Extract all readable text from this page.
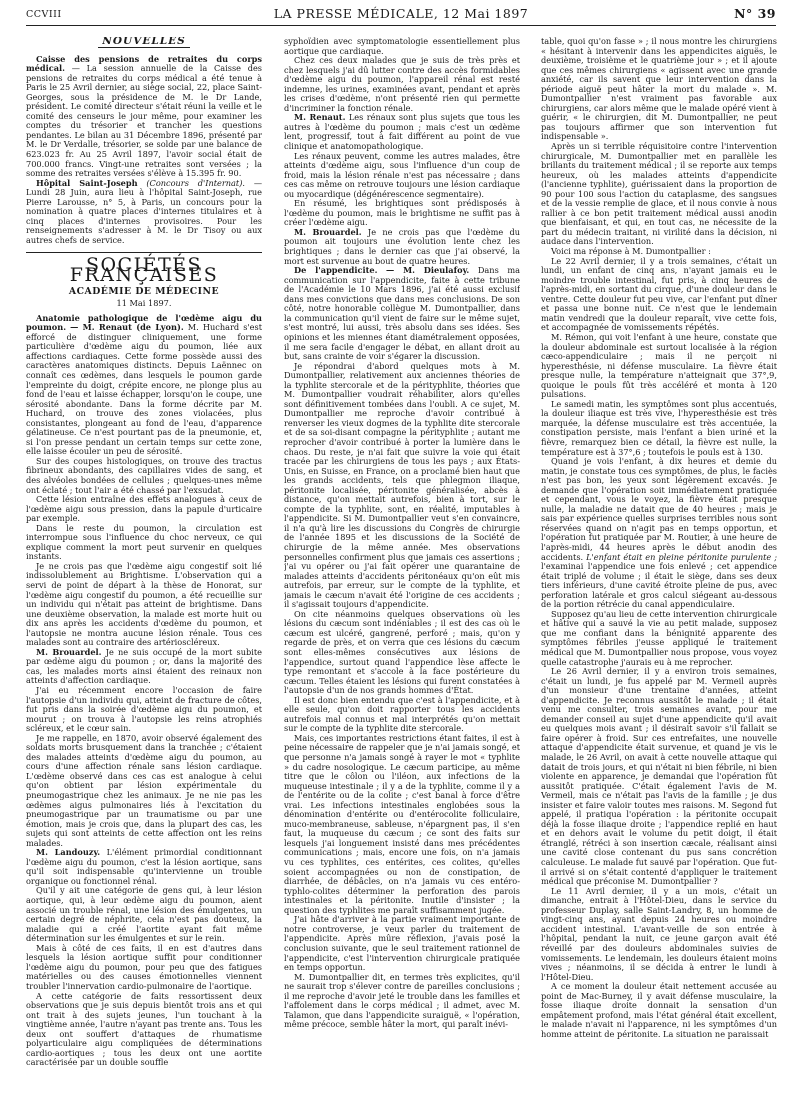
CCVIII	LA PRESSE MÉDICALE, 12 Mai 1897	N° 39
NOUVELLES

Caisse des pensions de retraites du corps médical. — La session annuelle de la Caisse des pensions de retraites du corps médical a été tenue à Paris le 25 Avril dernier, au siège social, 22, place Saint-Georges, sous la présidence de M. le Dr Lande, président. Le comité directeur s'était réuni la veille et le comité des censeurs le jour même, pour examiner les comptes du trésorier et trancher les questions pendantes. Le bilan au 31 Décembre 1896, présenté par M. le Dr Verdalle, trésorier, se solde par une balance de 623.023 fr. Au 25 Avril 1897, l'avoir social était de 700.000 francs. Vingt-une retraites sont versées ; la somme des retraites versées s'élève à 15.395 fr. 90.

Hôpital Saint-Joseph (Concours d'Internat). — Lundi 28 Juin, aura lieu à l'hôpital Saint-Joseph, rue Pierre Larousse, n° 5, à Paris, un concours pour la nomination à quatre places d'internes titulaires et à cinq places d'internes provisoires. Pour les renseignements s'adresser à M. le Dr Tisoy ou aux autres chefs de service.

SOCIÉTÉS FRANÇAISES
ACADÉMIE DE MÉDECINE
11 Mai 1897.

Anatomie pathologique de l'œdème aigu du poumon. — M. Renaut (de Lyon). M. Huchard s'est efforcé de distinguer cliniquement, une forme particulière d'œdème aigu du poumon, liée aux affections cardiaques. Cette forme possède aussi des caractères anatomiques distincts. Depuis Laënnec on connaît ces œdèmes, dans lesquels le poumon garde l'empreinte du doigt, crépite encore, ne plonge plus au fond de l'eau et laisse échapper, lorsqu'on le coupe, une sérosité abondante. Dans la forme décrite par M. Huchard, on trouve des zones violacées, plus consistantes, plongeant au fond de l'eau, d'apparence gélatineuse. Ce n'est pourtant pas de la pneumonie, et, si l'on presse pendant un certain temps sur cette zone, elle laisse écouler un peu de sérosité.

Sur des coupes histologiques, on trouve des tractus fibrineux abondants, des capillaires vides de sang, et des alvéoles bondées de cellules ; quelques-unes même ont éclaté ; tout l'air a été chassé par l'exsudat.

Cette lésion entraîne des effets analogues à ceux de l'œdème aigu sous pression, dans la papule d'urticaire par exemple.

Dans le reste du poumon, la circulation est interrompue sous l'influence du choc nerveux, ce qui explique comment la mort peut survenir en quelques instants.

Je ne crois pas que l'œdème aigu congestif soit lié indissolublement au Brightisme. L'observation qui a servi de point de départ à la thèse de Honorat, sur l'œdème aigu congestif du poumon, a été recueillie sur un individu qui n'était pas atteint de brightisme. Dans une deuxième observation, la malade est morte huit ou dix ans après les accidents d'œdème du poumon, et l'autopsie ne montra aucune lésion rénale. Tous ces malades sont au contraire des artérioscléreux.

M. Brouardel. Je ne suis occupé de la mort subite par œdème aigu du poumon ; or, dans la majorité des cas, les malades morts ainsi étaient des reinaux non atteints d'affection cardiaque.

J'ai eu récemment encore l'occasion de faire l'autopsie d'un individu qui, atteint de fracture de côtes, fut pris dans la soirée d'œdème aigu du poumon, et mourut ; on trouva à l'autopsie les reins atrophiés scléreux, et le cœur sain.

Je me rappelle, en 1870, avoir observé également des soldats morts brusquement dans la tranchée ; c'étaient des malades atteints d'œdème aigu du poumon, au cours d'une affection rénale sans lésion cardiaque. L'œdème observé dans ces cas est analogue à celui qu'on obtient par lésion expérimentale du pneumogastrique chez les animaux. Je ne nie pas les œdèmes aigus pulmonaires liés à l'excitation du pneumogastrique par un traumatisme ou par une émotion, mais je crois que, dans la plupart des cas, les sujets qui sont atteints de cette affection ont les reins malades.

M. Landouzy. L'élément primordial conditionnant l'œdème aigu du poumon, c'est la lésion aortique, sans qu'il soit indispensable qu'intervienne un trouble organique ou fonctionnel rénal.

Qu'il y ait une catégorie de gens qui, à leur lésion aortique, qui, à leur œdème aigu du poumon, aient associé un trouble rénal, une lésion des émulgentes, un certain degré de néphrite, cela n'est pas douteux, la maladie qui a créé l'aortite ayant fait même détermination sur les émulgentes et sur le rein.

Mais à côté de ces faits, il en est d'autres dans lesquels la lésion aortique suffit pour conditionner l'œdème aigu du poumon, pour peu que des fatigues matérielles ou des causes émotionnelles viennent troubler l'innervation cardio-pulmonaire de l'aortique.

A cette catégorie de faits ressortissent deux observations que je suis depuis bientôt trois ans et qui ont trait à des sujets jeunes, l'un touchant à la vingtième année, l'autre n'ayant pas trente ans. Tous les deux ont souffert d'attaques de rhumatisme polyarticulaire aigu compliquées de déterminations cardio-aortiques ; tous les deux ont une aortite caractérisée par un double souffle

syphoïdien avec symptomatologie essentiellement plus aortique que cardiaque.

Chez ces deux malades que je suis de très près et chez lesquels j'ai dû lutter contre des accès formidables d'œdème aigu du poumon, l'appareil rénal est resté indemne, les urines, examinées avant, pendant et après les crises d'œdème, n'ont présenté rien qui permette d'incriminer la fonction rénale.

M. Renaut. Les rénaux sont plus sujets que tous les autres à l'œdème du poumon ; mais c'est un œdème lent, progressif, tout à fait différent au point de vue clinique et anatomopathologique.

Les rénaux peuvent, comme les autres malades, être atteints d'œdème aigu, sous l'influence d'un coup de froid, mais la lésion rénale n'est pas nécessaire ; dans ces cas même on retrouve toujours une lésion cardiaque ou myocardique (dégénérescence segmentaire).

En résumé, les brightiques sont prédisposés à l'œdème du poumon, mais le brightisme ne suffit pas à créer l'œdème aigu.

M. Brouardel. Je ne crois pas que l'œdème du poumon ait toujours une évolution lente chez les brightiques ; dans le dernier cas que j'ai observé, la mort est survenue au bout de quatre heures.

De l'appendicite. — M. Dieulafoy. Dans ma communication sur l'appendicite, faite à cette tribune de l'Académie le 10 Mars 1896, j'ai été aussi exclusif dans mes convictions que dans mes conclusions. De son côté, notre honorable collègue M. Dumontpallier, dans la communication qu'il vient de faire sur le même sujet, s'est montré, lui aussi, très absolu dans ses idées. Ses opinions et les miennes étant diamétralement opposées, il me sera facile d'engager le débat, en allant droit au but, sans crainte de voir s'égarer la discussion.

Je répondrai d'abord quelques mots à M. Dumontpallier, relativement aux anciennes théories de la typhlite stercorale et de la pérityphlite, théories que M. Dumontpallier voudrait réhabiliter, alors qu'elles sont définitivement tombées dans l'oubli. A ce sujet, M. Dumontpallier me reproche d'avoir contribué à renverser les vieux dogmes de la typhlite dite stercorale et de sa soi-disant compagne la pérityphlite ; autant me reprocher d'avoir contribué à porter la lumière dans le chaos. Du reste, je n'ai fait que suivre la voie qui était tracée par les chirurgiens de tous les pays ; aux États-Unis, en Suisse, en France, on a proclamé bien haut que les grands accidents, tels que phlegmon iliaque, péritonite localisée, péritonite généralisée, abcès à distance, qu'on mettait autrefois, bien à tort, sur le compte de la typhlite, sont, en réalité, imputables à l'appendicite. Si M. Dumontpallier veut s'en convaincre, il n'a qu'à lire les discussions du Congrès de chirurgie de l'année 1895 et les discussions de la Société de chirurgie de la même année. Mes observations personnelles confirment plus que jamais ces assertions ; j'ai vu opérer ou j'ai fait opérer une quarantaine de malades atteints d'accidents péritonéaux qu'on eût mis autrefois, par erreur, sur le compte de la typhlite, et jamais le cæcum n'avait été l'origine de ces accidents ; il s'agissait toujours d'appendicite.

On cite néanmoins quelques observations où les lésions du cæcum sont indéniables ; il est des cas où le cæcum est ulcéré, gangrené, perforé ; mais, qu'on y regarde de près, et on verra que ces lésions du cæcum sont elles-mêmes consécutives aux lésions de l'appendice, surtout quand l'appendice lèse affecte le type remontant et s'accole à la face postérieure du cæcum. Telles étaient les lésions qui furent constatées à l'autopsie d'un de nos grands hommes d'État.

Il est donc bien entendu que c'est à l'appendicite, et à elle seule, qu'on doit rapporter tous les accidents autrefois mal connus et mal interprétés qu'on mettait sur le compte de la typhlite dite stercorale.

Mais, ces importantes restrictions étant faites, il est à peine nécessaire de rappeler que je n'ai jamais songé, et que personne n'a jamais songé à rayer le mot « typhlite » du cadre nosologique. Le cæcum participe, au même titre que le côlon ou l'iléon, aux infections de la muqueuse intestinale ; il y a de la typhlite, comme il y a de l'entérite ou de la colite ; c'est banal à force d'être vrai. Les infections intestinales englobées sous la dénomination d'entérite ou d'entérocolite folliculaire, muco-membraneuse, sableuse, n'épargnent pas, il s'en faut, la muqueuse du cæcum ; ce sont des faits sur lesquels j'ai longuement insisté dans mes précédentes communications ; mais, encore une fois, on n'a jamais vu ces typhlites, ces entérites, ces colites, qu'elles soient accompagnées ou non de constipation, de diarrhée, de débâcles, on n'a jamais vu ces entéro-typhlo-colites déterminer la perforation des parois intestinales et la péritonite. Inutile d'insister ; la question des typhlites me paraît suffisamment jugée.

J'ai hâte d'arriver à la partie vraiment importante de notre controverse, je veux parler du traitement de l'appendicite. Après mûre réflexion, j'avais posé la conclusion suivante, que le seul traitement rationnel de l'appendicite, c'est l'intervention chirurgicale pratiquée en temps opportun.

M. Dumontpallier dit, en termes très explicites, qu'il ne saurait trop s'élever contre de pareilles conclusions ; il me reproche d'avoir jeté le trouble dans les familles et l'affolement dans le corps médical ; il admet, avec M. Talamon, que dans l'appendicite suraiguë, « l'opération, même précoce, semble hâter la mort, qui paraît inévi-

table, quoi qu'on fasse » ; il nous montre les chirurgiens « hésitant à intervenir dans les appendicites aiguës, le deuxième, troisième et le quatrième jour » ; et il ajoute que ces mêmes chirurgiens « agissent avec une grande anxiété, car ils savent que leur intervention dans la période aiguë peut hâter la mort du malade ». M. Dumontpallier n'est vraiment pas favorable aux chirurgiens, car alors même que le malade opéré vient à guérir, « le chirurgien, dit M. Dumontpallier, ne peut pas toujours affirmer que son intervention fut indispensable ».

Après un si terrible réquisitoire contre l'intervention chirurgicale, M. Dumontpallier met en parallèle les brillants du traitement médical ; il se reporte aux temps heureux, où les malades atteints d'appendicite (l'ancienne typhlite), guérissaient dans la proportion de 90 pour 100 sous l'action du cataplasme, des sangsues et de la vessie remplie de glace, et il nous convie à nous rallier à ce bon petit traitement médical aussi anodin que bienfaisant, et qui, en tout cas, ne nécessite de la part du médecin traitant, ni virilité dans la décision, ni audace dans l'intervention.

Voici ma réponse à M. Dumontpallier :

Le 22 Avril dernier, il y a trois semaines, c'était un lundi, un enfant de cinq ans, n'ayant jamais eu le moindre trouble intestinal, fut pris, à cinq heures de l'après-midi, en sortant du cirque, d'une douleur dans le ventre. Cette douleur fut peu vive, car l'enfant put dîner et passa une bonne nuit. Ce n'est que le lendemain matin vendredi que la douleur reparaît, vive cette fois, et accompagnée de vomissements répétés.

M. Rémon, qui voit l'enfant à une heure, constate que la douleur abdominale est surtout localisée à la région cæco-appendiculaire ; mais il ne perçoit ni hyperesthésie, ni défense musculaire. La fièvre était presque nulle, la température n'atteignait que 37°,9, quoique le pouls fût très accéléré et monta à 120 pulsations.

Le samedi matin, les symptômes sont plus accentués, la douleur iliaque est très vive, l'hyperesthésie est très marquée, la défense musculaire est très accentuée, la constipation persiste, mais l'enfant a bien uriné et la fièvre, remarquez bien ce détail, la fièvre est nulle, la température est à 37°,6 ; toutefois le pouls est à 130.

Quand je vois l'enfant, à dix heures et demie du matin, je constate tous ces symptômes, de plus, le faciès n'est pas bon, les yeux sont légèrement excavés. Je demande que l'opération soit immédiatement pratiquée et cependant, vous le voyez, la fièvre était presque nulle, la maladie ne datait que de 40 heures ; mais je sais par expérience quelles surprises terribles nous sont réservées quand on n'agit pas en temps opportun, et l'opération fut pratiquée par M. Routier, à une heure de l'après-midi, 44 heures après le début anodin des accidents. L'enfant était en pleine péritonite purulente ; l'examinai l'appendice une fois enlevé ; cet appendice était triplé de volume ; il était le siège, dans ses deux tiers inférieurs, d'une cavité étroite pleine de pus, avec perforation latérale et gros calcul siégeant au-dessous de la portion rétrécie du canal appendiculaire.

Supposez qu'au lieu de cette intervention chirurgicale et hâtive qui a sauvé la vie au petit malade, supposez que me confiant dans la bénignité apparente des symptômes fébriles j'eusse appliqué le traitement médical que M. Dumontpallier nous propose, vous voyez quelle catastrophe j'aurais eu à me reprocher.

Le 26 Avril dernier, il y a environ trois semaines, c'était un lundi, je fus appelé par M. Vermeil auprès d'un monsieur d'une trentaine d'années, atteint d'appendicite. Je reconnus aussitôt le malade ; il était venu me consulter, trois semaines avant, pour me demander conseil au sujet d'une appendicite qu'il avait eu quelques mois avant ; il désirait savoir s'il fallait se faire opérer à froid. Sur ces entrefaites, une nouvelle attaque d'appendicite était survenue, et quand je vis le malade, le 26 Avril, on avait à cette nouvelle attaque qui datait de trois jours, et qui n'était ni bien fébrile, ni bien violente en apparence, je demandai que l'opération fût aussitôt pratiquée. C'était également l'avis de M. Vermeil, mais ce n'était pas l'avis de la famille ; je dus insister et faire valoir toutes mes raisons. M. Segond fut appelé, il pratiqua l'opération : la péritonite occupait déjà la fosse iliaque droite ; l'appendice replié en haut et en dehors avait le volume du petit doigt, il était étranglé, rétréci à son insertion cæcale, réalisant ainsi une cavité close contenant du pus sans concrétion calculeuse. Le malade fut sauvé par l'opération. Que fut-il arrivé si on s'était contenté d'appliquer le traitement médical que préconise M. Dumontpallier ?

Le 11 Avril dernier, il y a un mois, c'était un dimanche, entrait à l'Hôtel-Dieu, dans le service du professeur Duplay, salle Saint-Landry, 8, un homme de vingt-cinq ans, ayant depuis 24 heures ou moindre accident intestinal. L'avant-veille de son entrée à l'hôpital, pendant la nuit, ce jeune garçon avait été réveillé par des douleurs abdominales suivies de vomissements. Le lendemain, les douleurs étaient moins vives ; néanmoins, il se décida à entrer le lundi à l'Hôtel-Dieu.

A ce moment la douleur était nettement accusée au point de Mac-Burney, il y avait défense musculaire, la fosse iliaque droite donnait la sensation d'un empâtement profond, mais l'état général était excellent, le malade n'avait ni l'apparence, ni les symptômes d'un homme atteint de péritonite. La situation ne paraissait
